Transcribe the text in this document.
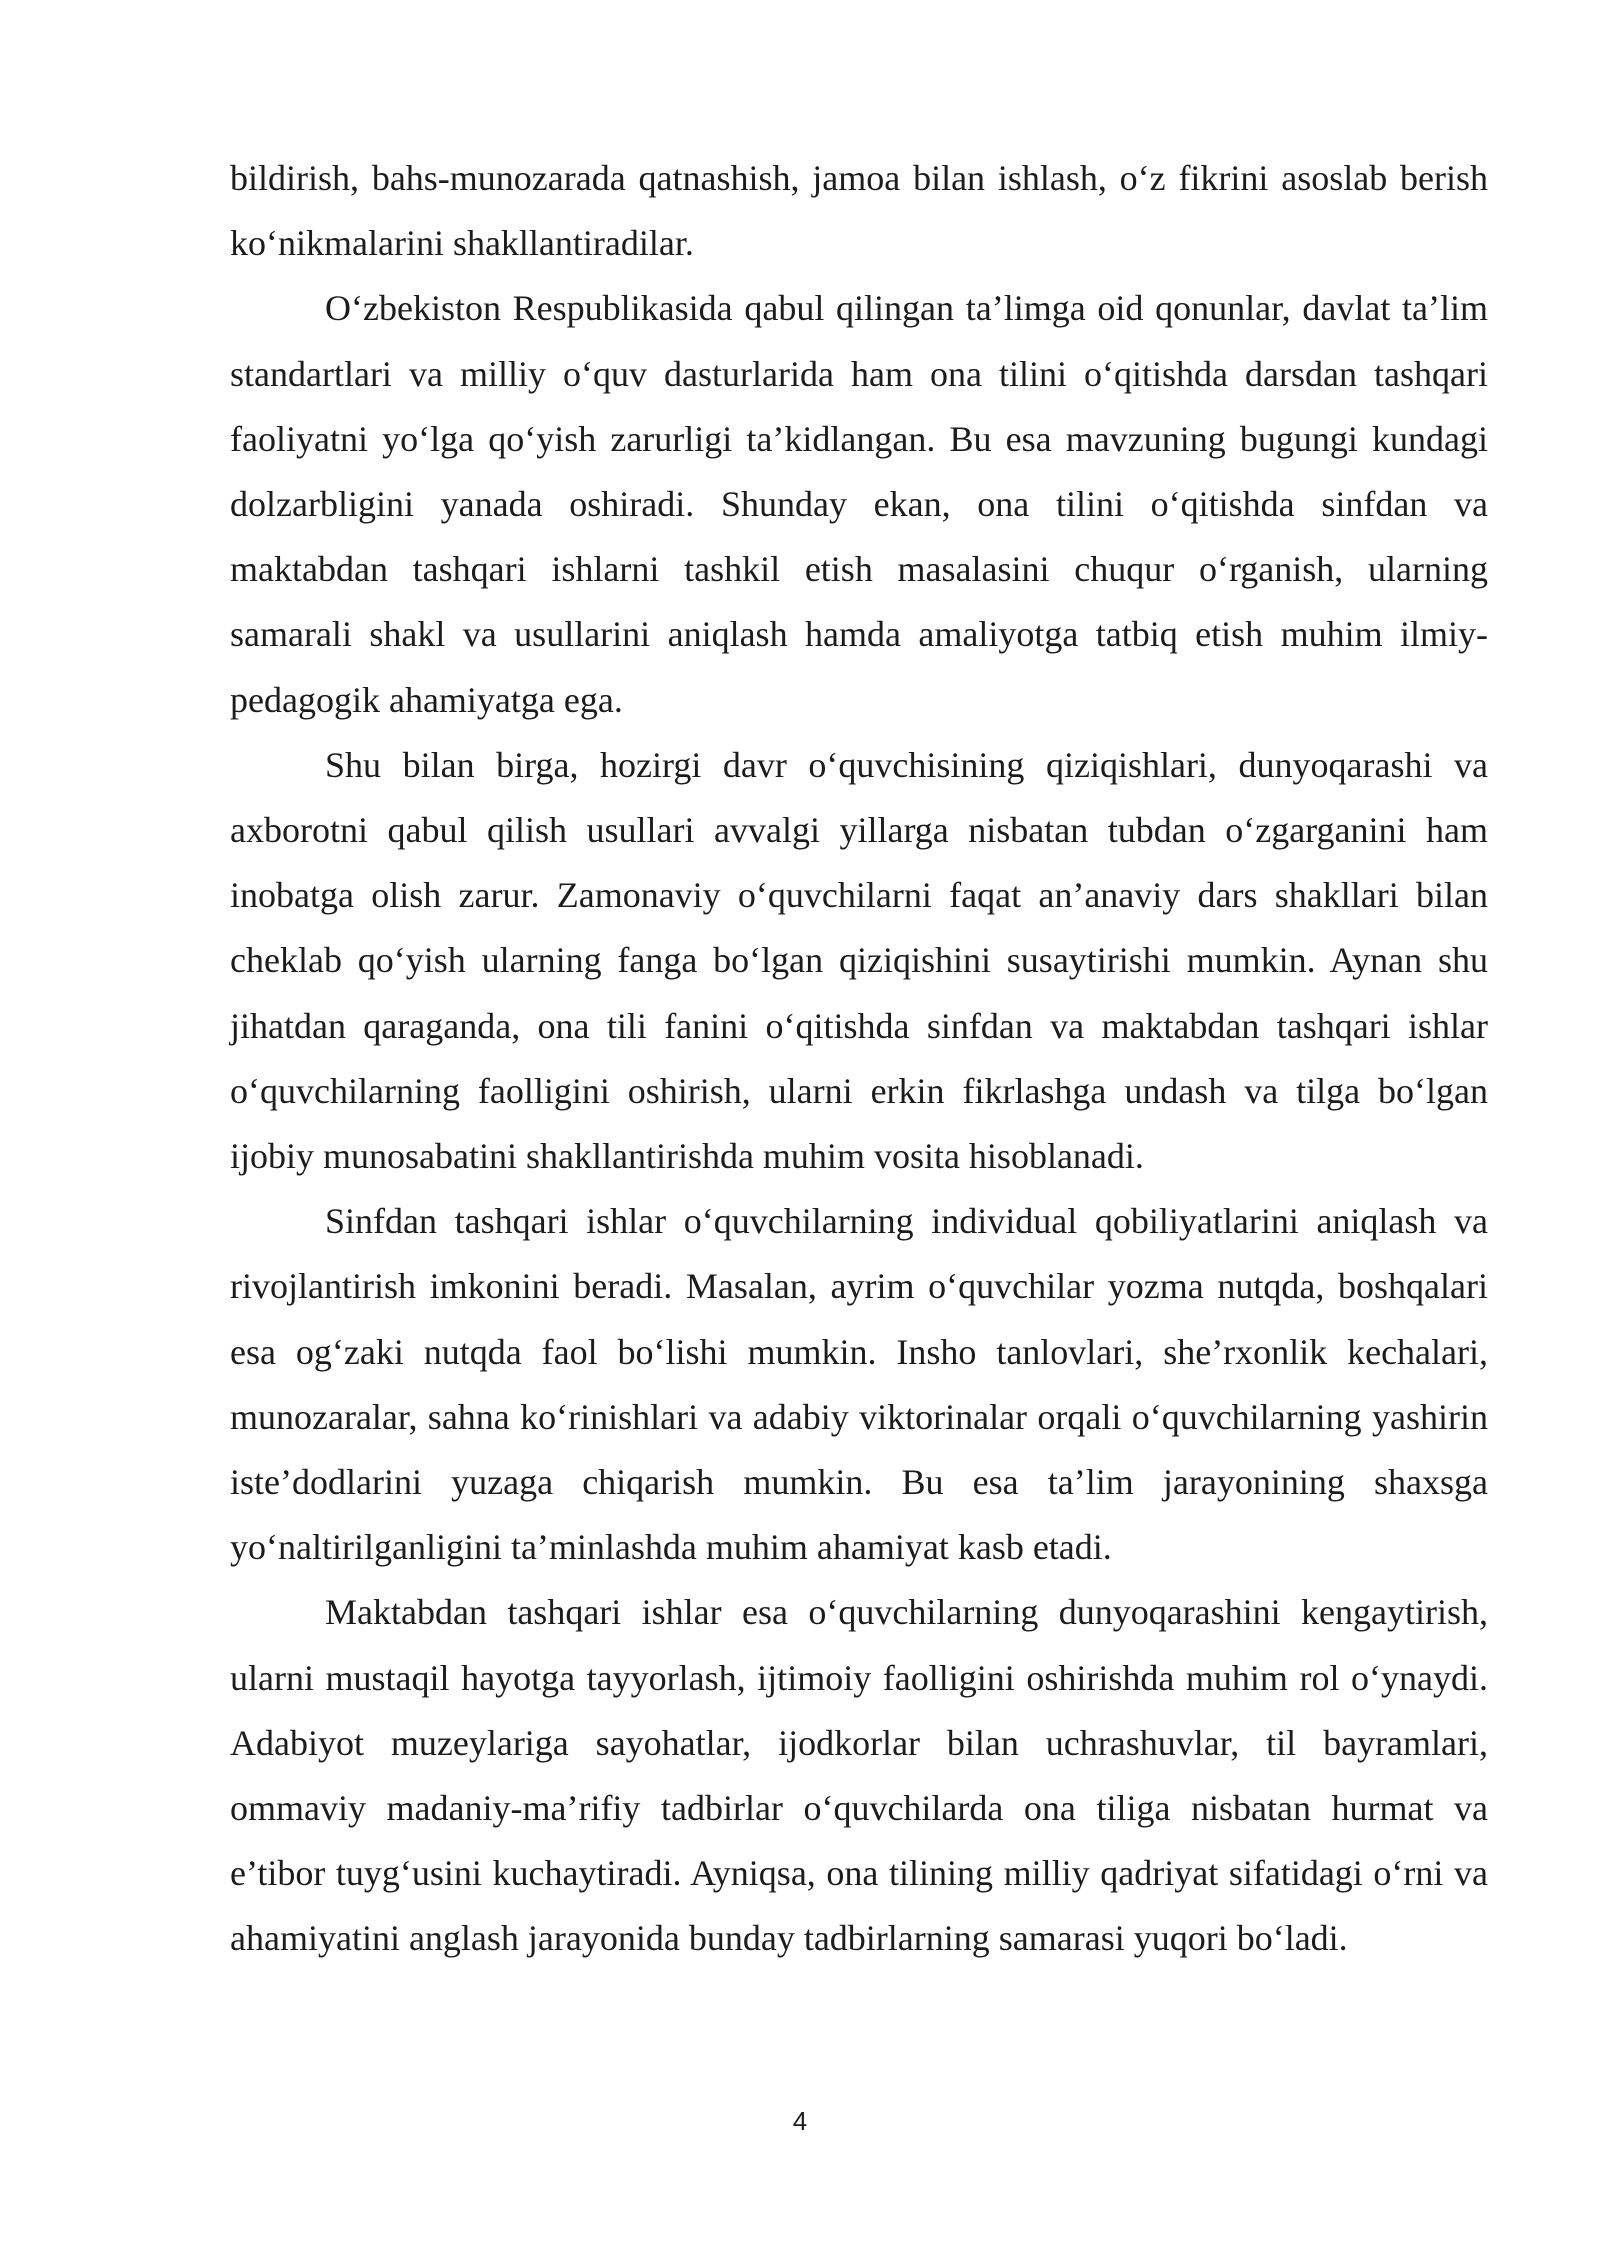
bildirish, bahs-munozarada qatnashish, jamoa bilan ishlash, o‘z fikrini asoslab berish ko‘nikmalarini shakllantiradilar.

O‘zbekiston Respublikasida qabul qilingan ta’limga oid qonunlar, davlat ta’lim standartlari va milliy o‘quv dasturlarida ham ona tilini o‘qitishda darsdan tashqari faoliyatni yo‘lga qo‘yish zarurligi ta’kidlangan. Bu esa mavzuning bugungi kundagi dolzarbligini yanada oshiradi. Shunday ekan, ona tilini o‘qitishda sinfdan va maktabdan tashqari ishlarni tashkil etish masalasini chuqur o‘rganish, ularning samarali shakl va usullarini aniqlash hamda amaliyotga tatbiq etish muhim ilmiy-pedagogik ahamiyatga ega.

Shu bilan birga, hozirgi davr o‘quvchisining qiziqishlari, dunyoqarashi va axborotni qabul qilish usullari avvalgi yillarga nisbatan tubdan o‘zgarganini ham inobatga olish zarur. Zamonaviy o‘quvchilarni faqat an’anaviy dars shakllari bilan cheklab qo‘yish ularning fanga bo‘lgan qiziqishini susaytirishi mumkin. Aynan shu jihatdan qaraganda, ona tili fanini o‘qitishda sinfdan va maktabdan tashqari ishlar o‘quvchilarning faolligini oshirish, ularni erkin fikrlashga undash va tilga bo‘lgan ijobiy munosabatini shakllantirishda muhim vosita hisoblanadi.

Sinfdan tashqari ishlar o‘quvchilarning individual qobiliyatlarini aniqlash va rivojlantirish imkonini beradi. Masalan, ayrim o‘quvchilar yozma nutqda, boshqalari esa og‘zaki nutqda faol bo‘lishi mumkin. Insho tanlovlari, she’rxonlik kechalari, munozaralar, sahna ko‘rinishlari va adabiy viktorinalar orqali o‘quvchilarning yashirin iste’dodlarini yuzaga chiqarish mumkin. Bu esa ta’lim jarayonining shaxsga yo‘naltirilganligini ta’minlashda muhim ahamiyat kasb etadi.

Maktabdan tashqari ishlar esa o‘quvchilarning dunyoqarashini kengaytirish, ularni mustaqil hayotga tayyorlash, ijtimoiy faolligini oshirishda muhim rol o‘ynaydi. Adabiyot muzeylariga sayohatlar, ijodkorlar bilan uchrashuvlar, til bayramlari, ommaviy madaniy-ma’rifiy tadbirlar o‘quvchilarda ona tiliga nisbatan hurmat va e’tibor tuyg‘usini kuchaytiradi. Ayniqsa, ona tilining milliy qadriyat sifatidagi o‘rni va ahamiyatini anglash jarayonida bunday tadbirlarning samarasi yuqori bo‘ladi.

4
